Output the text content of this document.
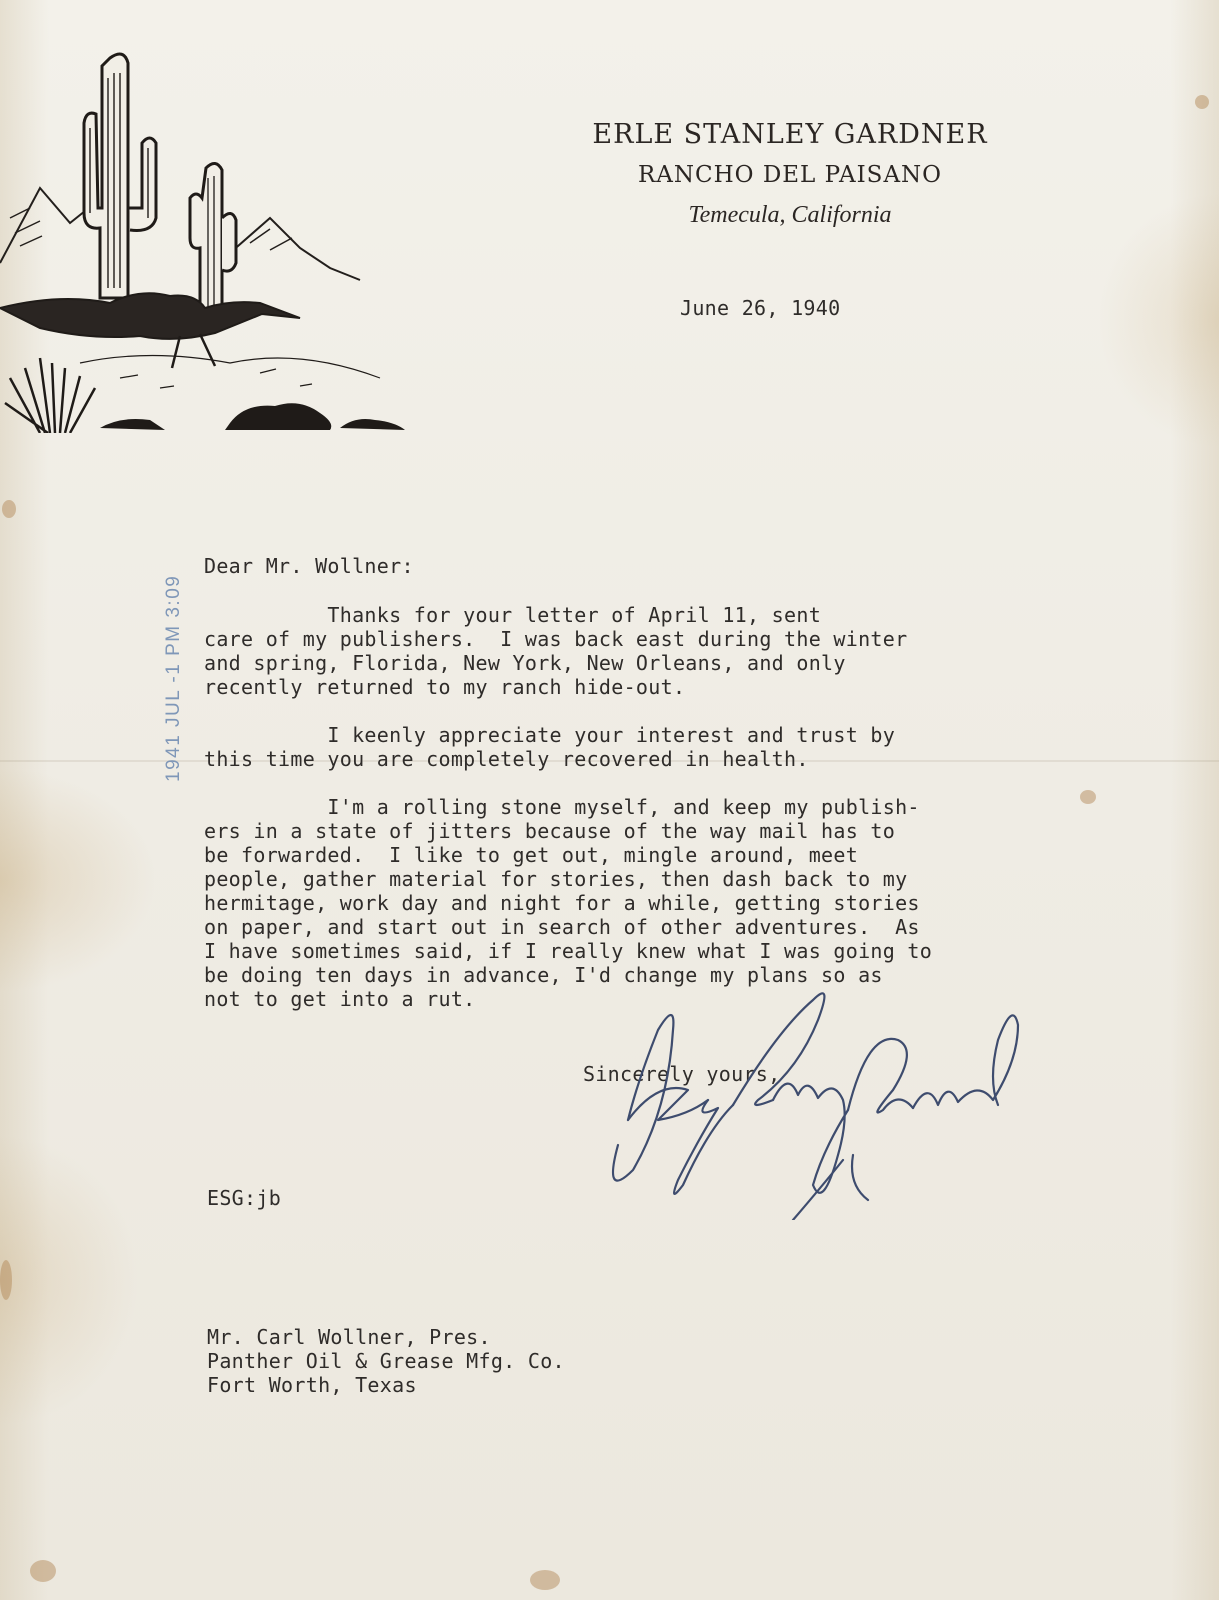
ERLE STANLEY GARDNER
RANCHO DEL PAISANO
Temecula, California
June 26, 1940
1941 JUL -1 PM 3:09
Dear Mr. Wollner:
Thanks for your letter of April 11, sent
care of my publishers.  I was back east during the winter
and spring, Florida, New York, New Orleans, and only
recently returned to my ranch hide-out.
I keenly appreciate your interest and trust by
this time you are completely recovered in health.
I'm a rolling stone myself, and keep my publish-
ers in a state of jitters because of the way mail has to
be forwarded.  I like to get out, mingle around, meet
people, gather material for stories, then dash back to my
hermitage, work day and night for a while, getting stories
on paper, and start out in search of other adventures.  As
I have sometimes said, if I really knew what I was going to
be doing ten days in advance, I'd change my plans so as
not to get into a rut.
Sincerely yours,
ESG:jb
Mr. Carl Wollner, Pres.
Panther Oil & Grease Mfg. Co.
Fort Worth, Texas
